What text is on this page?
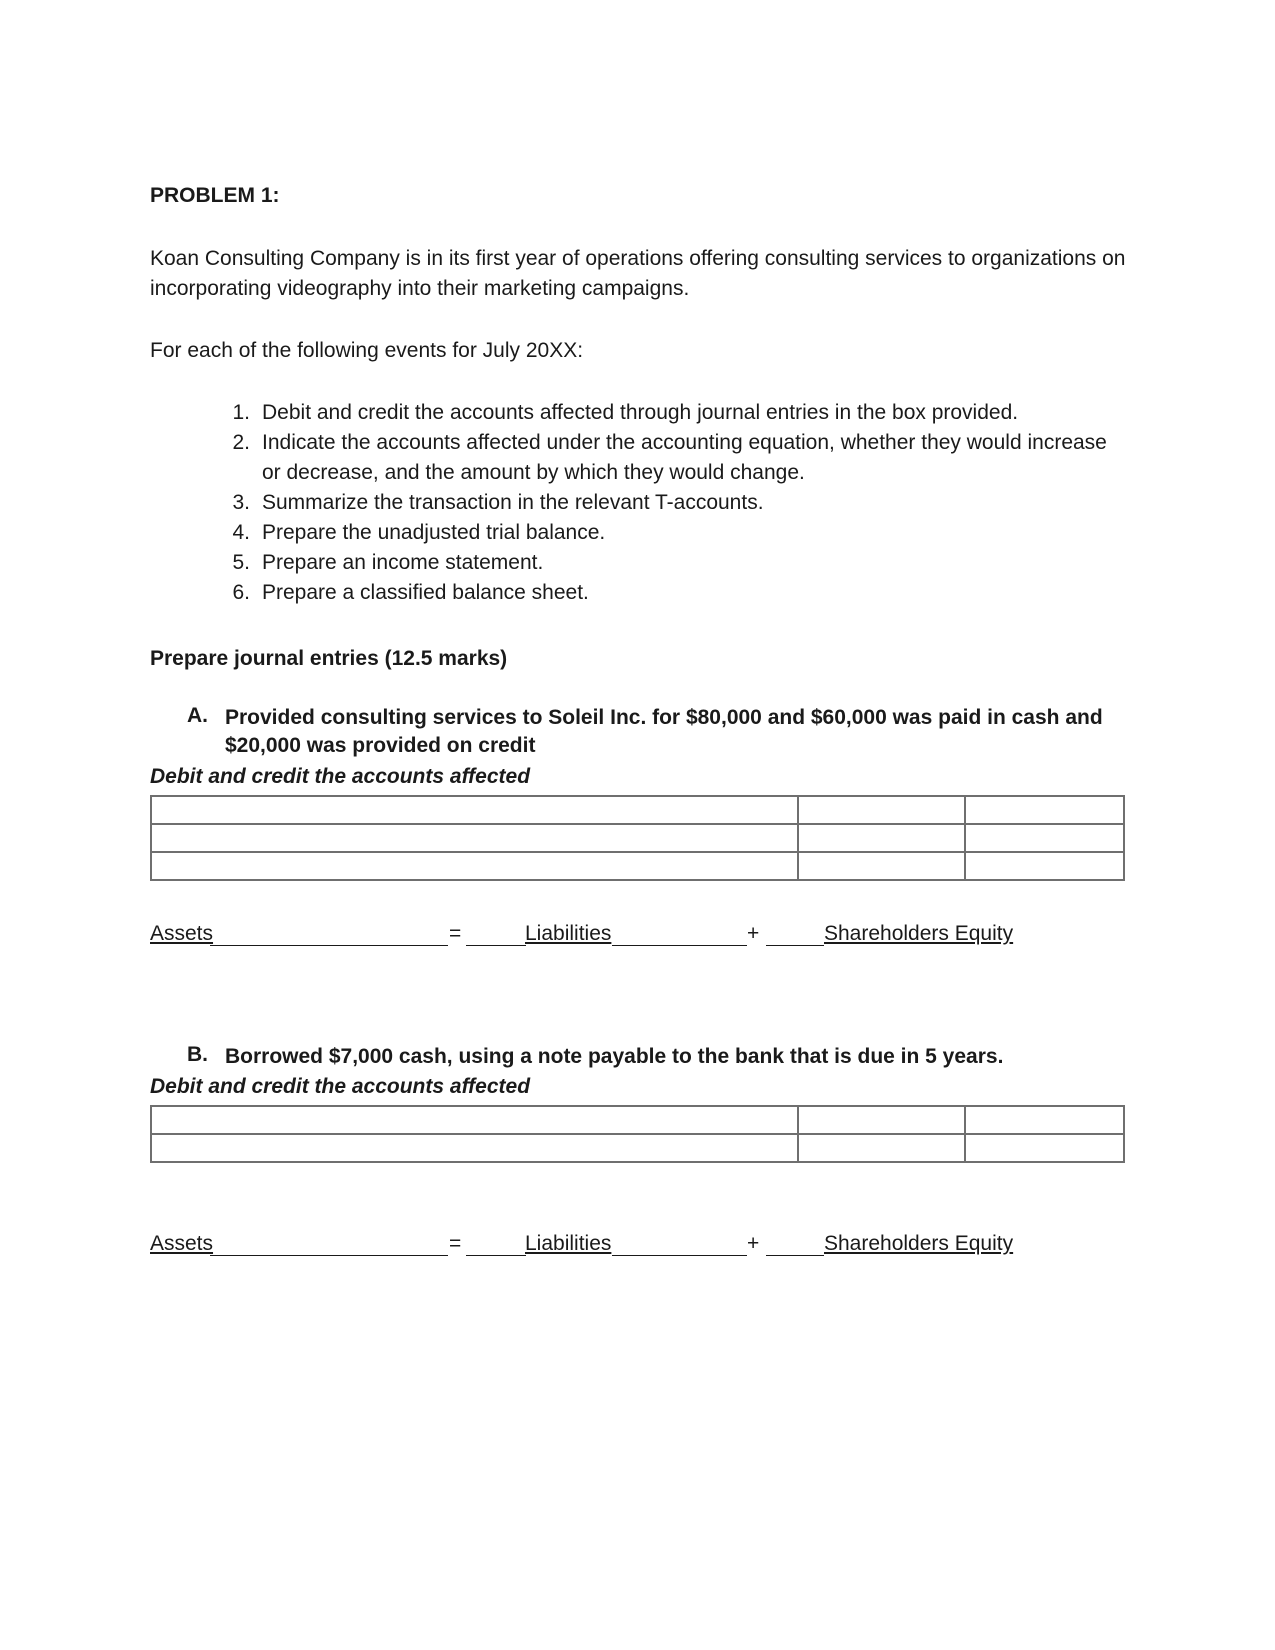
PROBLEM 1:
Koan Consulting Company is in its first year of operations offering consulting services to organizations on incorporating videography into their marketing campaigns.
For each of the following events for July 20XX:
1. Debit and credit the accounts affected through journal entries in the box provided.
2. Indicate the accounts affected under the accounting equation, whether they would increase
or decrease, and the amount by which they would change.
3. Summarize the transaction in the relevant T-accounts.
4. Prepare the unadjusted trial balance.
5. Prepare an income statement.
6. Prepare a classified balance sheet.
Prepare journal entries (12.5 marks)
A. Provided consulting services to Soleil Inc. for $80,000 and $60,000 was paid in cash and
$20,000 was provided on credit
Debit and credit the accounts affected

Assets	=	Liabilities	+	Shareholders Equity
B. Borrowed $7,000 cash, using a note payable to the bank that is due in 5 years.
Debit and credit the accounts affected

Assets	=	Liabilities	+	Shareholders Equity
